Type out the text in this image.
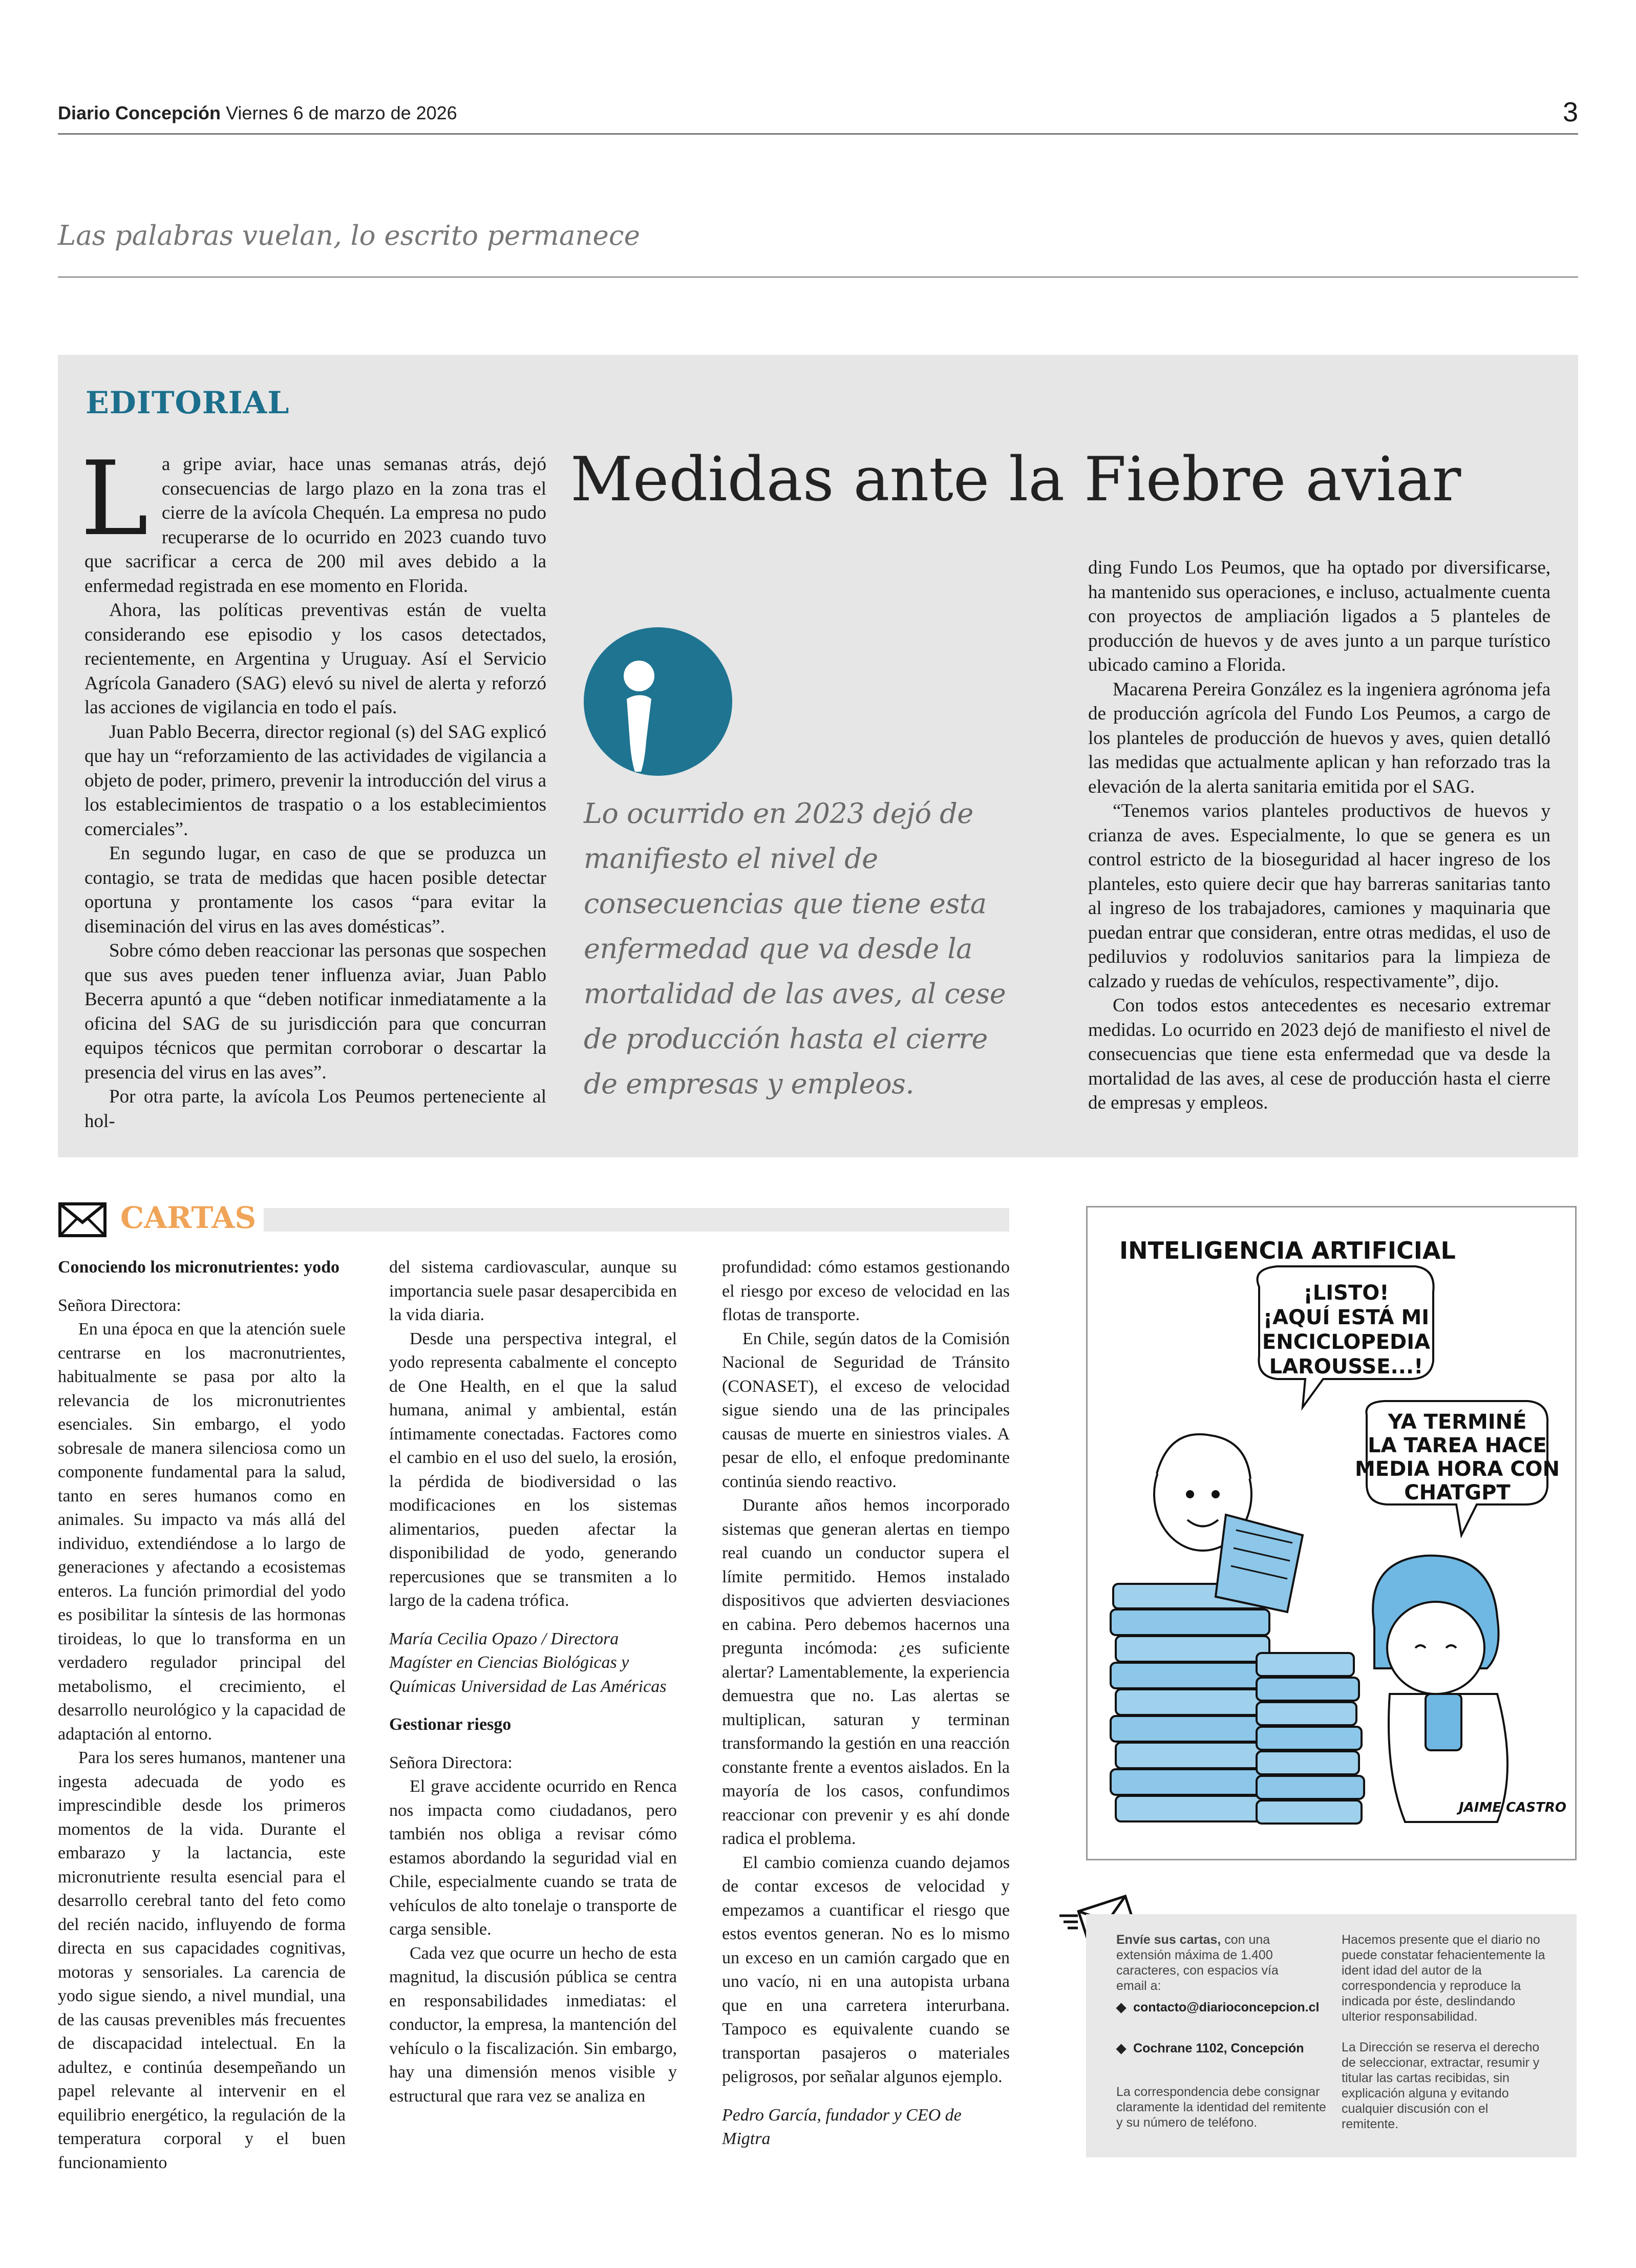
Diario Concepción Viernes 6 de marzo de 2026	3
Las palabras vuelan, lo escrito permanece
EDITORIAL
Medidas ante la Fiebre aviar
L a gripe aviar, hace unas semanas atrás, dejó consecuencias de largo plazo en la zona tras el cierre de la avícola Chequén. La empresa no pudo recuperarse de lo ocurrido en 2023 cuando tuvo que sacrificar a cerca de 200 mil aves debido a la enfermedad registrada en ese momento en Florida.

Ahora, las políticas preventivas están de vuelta considerando ese episodio y los casos detectados, recientemente, en Argentina y Uruguay. Así el Servicio Agrícola Ganadero (SAG) elevó su nivel de alerta y reforzó las acciones de vigilancia en todo el país.

Juan Pablo Becerra, director regional (s) del SAG explicó que hay un “reforzamiento de las actividades de vigilancia a objeto de poder, primero, prevenir la introducción del virus a los establecimientos de traspatio o a los establecimientos comerciales”.

En segundo lugar, en caso de que se produzca un contagio, se trata de medidas que hacen posible detectar oportuna y prontamente los casos “para evitar la diseminación del virus en las aves domésticas”.

Sobre cómo deben reaccionar las personas que sospechen que sus aves pueden tener influenza aviar, Juan Pablo Becerra apuntó a que “deben notificar inmediatamente a la oficina del SAG de su jurisdicción para que concurran equipos técnicos que permitan corroborar o descartar la presencia del virus en las aves”.

Por otra parte, la avícola Los Peumos perteneciente al hol-

Lo ocurrido en 2023 dejó de manifiesto el nivel de consecuencias que tiene esta enfermedad que va desde la mortalidad de las aves, al cese de producción hasta el cierre de empresas y empleos.

ding Fundo Los Peumos, que ha optado por diversificarse, ha mantenido sus operaciones, e incluso, actualmente cuenta con proyectos de ampliación ligados a 5 planteles de producción de huevos y de aves junto a un parque turístico ubicado camino a Florida.

Macarena Pereira González es la ingeniera agrónoma jefa de producción agrícola del Fundo Los Peumos, a cargo de los planteles de producción de huevos y aves, quien detalló las medidas que actualmente aplican y han reforzado tras la elevación de la alerta sanitaria emitida por el SAG.

“Tenemos varios planteles productivos de huevos y crianza de aves. Especialmente, lo que se genera es un control estricto de la bioseguridad al hacer ingreso de los planteles, esto quiere decir que hay barreras sanitarias tanto al ingreso de los trabajadores, camiones y maquinaria que puedan entrar que consideran, entre otras medidas, el uso de pediluvios y rodoluvios sanitarios para la limpieza de calzado y ruedas de vehículos, respectivamente”, dijo.

Con todos estos antecedentes es necesario extremar medidas. Lo ocurrido en 2023 dejó de manifiesto el nivel de consecuencias que tiene esta enfermedad que va desde la mortalidad de las aves, al cese de producción hasta el cierre de empresas y empleos.

CARTAS

Conociendo los micronutrientes: yodo

Señora Directora:

En una época en que la atención suele centrarse en los macronutrientes, habitualmente se pasa por alto la relevancia de los micronutrientes esenciales. Sin embargo, el yodo sobresale de manera silenciosa como un componente fundamental para la salud, tanto en seres humanos como en animales. Su impacto va más allá del individuo, extendiéndose a lo largo de generaciones y afectando a ecosistemas enteros. La función primordial del yodo es posibilitar la síntesis de las hormonas tiroideas, lo que lo transforma en un verdadero regulador principal del metabolismo, el crecimiento, el desarrollo neurológico y la capacidad de adaptación al entorno.

Para los seres humanos, mantener una ingesta adecuada de yodo es imprescindible desde los primeros momentos de la vida. Durante el embarazo y la lactancia, este micronutriente resulta esencial para el desarrollo cerebral tanto del feto como del recién nacido, influyendo de forma directa en sus capacidades cognitivas, motoras y sensoriales. La carencia de yodo sigue siendo, a nivel mundial, una de las causas prevenibles más frecuentes de discapacidad intelectual. En la adultez, e continúa desempeñando un papel relevante al intervenir en el equilibrio energético, la regulación de la temperatura corporal y el buen funcionamiento

del sistema cardiovascular, aunque su importancia suele pasar desapercibida en la vida diaria.

Desde una perspectiva integral, el yodo representa cabalmente el concepto de One Health, en el que la salud humana, animal y ambiental, están íntimamente conectadas. Factores como el cambio en el uso del suelo, la erosión, la pérdida de biodiversidad o las modificaciones en los sistemas alimentarios, pueden afectar la disponibilidad de yodo, generando repercusiones que se transmiten a lo largo de la cadena trófica.

María Cecilia Opazo / Directora Magíster en Ciencias Biológicas y Químicas Universidad de Las Américas

Gestionar riesgo

Señora Directora:

El grave accidente ocurrido en Renca nos impacta como ciudadanos, pero también nos obliga a revisar cómo estamos abordando la seguridad vial en Chile, especialmente cuando se trata de vehículos de alto tonelaje o transporte de carga sensible.

Cada vez que ocurre un hecho de esta magnitud, la discusión pública se centra en responsabilidades inmediatas: el conductor, la empresa, la mantención del vehículo o la fiscalización. Sin embargo, hay una dimensión menos visible y estructural que rara vez se analiza en

profundidad: cómo estamos gestionando el riesgo por exceso de velocidad en las flotas de transporte.

En Chile, según datos de la Comisión Nacional de Seguridad de Tránsito (CONASET), el exceso de velocidad sigue siendo una de las principales causas de muerte en siniestros viales. A pesar de ello, el enfoque predominante continúa siendo reactivo.

Durante años hemos incorporado sistemas que generan alertas en tiempo real cuando un conductor supera el límite permitido. Hemos instalado dispositivos que advierten desviaciones en cabina. Pero debemos hacernos una pregunta incómoda: ¿es suficiente alertar? Lamentablemente, la experiencia demuestra que no. Las alertas se multiplican, saturan y terminan transformando la gestión en una reacción constante frente a eventos aislados. En la mayoría de los casos, confundimos reaccionar con prevenir y es ahí donde radica el problema.

El cambio comienza cuando dejamos de contar excesos de velocidad y empezamos a cuantificar el riesgo que estos eventos generan. No es lo mismo un exceso en un camión cargado que en uno vacío, ni en una autopista urbana que en una carretera interurbana. Tampoco es equivalente cuando se transportan pasajeros o materiales peligrosos, por señalar algunos ejemplo.

Pedro García, fundador y CEO de Migtra

INTELIGENCIA ARTIFICIAL
¡LISTO! ¡AQUÍ ESTÁ MI ENCICLOPEDIA LAROUSSE...!
YA TERMINÉ LA TAREA HACE MEDIA HORA CON CHATGPT
JAIME CASTRO
Envíe sus cartas, con una extensión máxima de 1.400 caracteres, con espacios vía email a:
◆  contacto@diarioconcepcion.cl
◆  Cochrane 1102, Concepción
La correspondencia debe consignar claramente la identidad del remitente y su número de teléfono.
Hacemos presente que el diario no puede constatar fehacientemente la ident idad del autor de la correspondencia y reproduce la indicada por éste, deslindando ulterior responsabilidad.
La Dirección se reserva el derecho de seleccionar, extractar, resumir y titular las cartas recibidas, sin explicación alguna y evitando cualquier discusión con el remitente.
